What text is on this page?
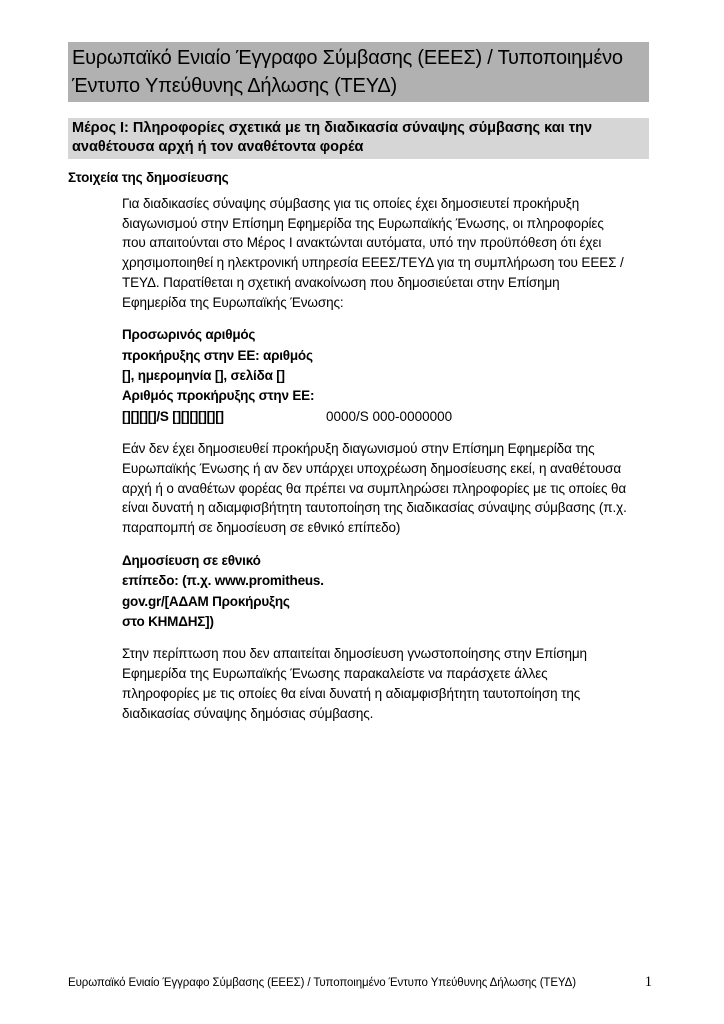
Ευρωπαϊκό Ενιαίο Έγγραφο Σύμβασης (ΕΕΕΣ) / Τυποποιημένο Έντυπο Υπεύθυνης Δήλωσης (ΤΕΥΔ)
Μέρος Ι: Πληροφορίες σχετικά με τη διαδικασία σύναψης σύμβασης και την αναθέτουσα αρχή ή τον αναθέτοντα φορέα
Στοιχεία της δημοσίευσης
Για διαδικασίες σύναψης σύμβασης για τις οποίες έχει δημοσιευτεί προκήρυξη διαγωνισμού στην Επίσημη Εφημερίδα της Ευρωπαϊκής Ένωσης, οι πληροφορίες που απαιτούνται στο Μέρος Ι ανακτώνται αυτόματα, υπό την προϋπόθεση ότι έχει χρησιμοποιηθεί η ηλεκτρονική υπηρεσία ΕΕΕΣ/ΤΕΥΔ για τη συμπλήρωση του ΕΕΕΣ /ΤΕΥΔ. Παρατίθεται η σχετική ανακοίνωση που δημοσιεύεται στην Επίσημη Εφημερίδα της Ευρωπαϊκής Ένωσης:
Προσωρινός αριθμός
προκήρυξης στην ΕΕ: αριθμός
[], ημερομηνία [], σελίδα []
Αριθμός προκήρυξης στην ΕΕ:
[][][][]/S [][][][][][]	0000/S 000-0000000
Εάν δεν έχει δημοσιευθεί προκήρυξη διαγωνισμού στην Επίσημη Εφημερίδα της Ευρωπαϊκής Ένωσης ή αν δεν υπάρχει υποχρέωση δημοσίευσης εκεί, η αναθέτουσα αρχή ή ο αναθέτων φορέας θα πρέπει να συμπληρώσει πληροφορίες με τις οποίες θα είναι δυνατή η αδιαμφισβήτητη ταυτοποίηση της διαδικασίας σύναψης σύμβασης (π.χ. παραπομπή σε δημοσίευση σε εθνικό επίπεδο)
Δημοσίευση σε εθνικό
επίπεδο: (π.χ. www.promitheus.
gov.gr/[ΑΔΑΜ Προκήρυξης
στο ΚΗΜΔΗΣ])
Στην περίπτωση που δεν απαιτείται δημοσίευση γνωστοποίησης στην Επίσημη Εφημερίδα της Ευρωπαϊκής Ένωσης παρακαλείστε να παράσχετε άλλες πληροφορίες με τις οποίες θα είναι δυνατή η αδιαμφισβήτητη ταυτοποίηση της διαδικασίας σύναψης δημόσιας σύμβασης.
Ευρωπαϊκό Ενιαίο Έγγραφο Σύμβασης (ΕΕΕΣ) / Τυποποιημένο Έντυπο Υπεύθυνης Δήλωσης (ΤΕΥΔ)	1
